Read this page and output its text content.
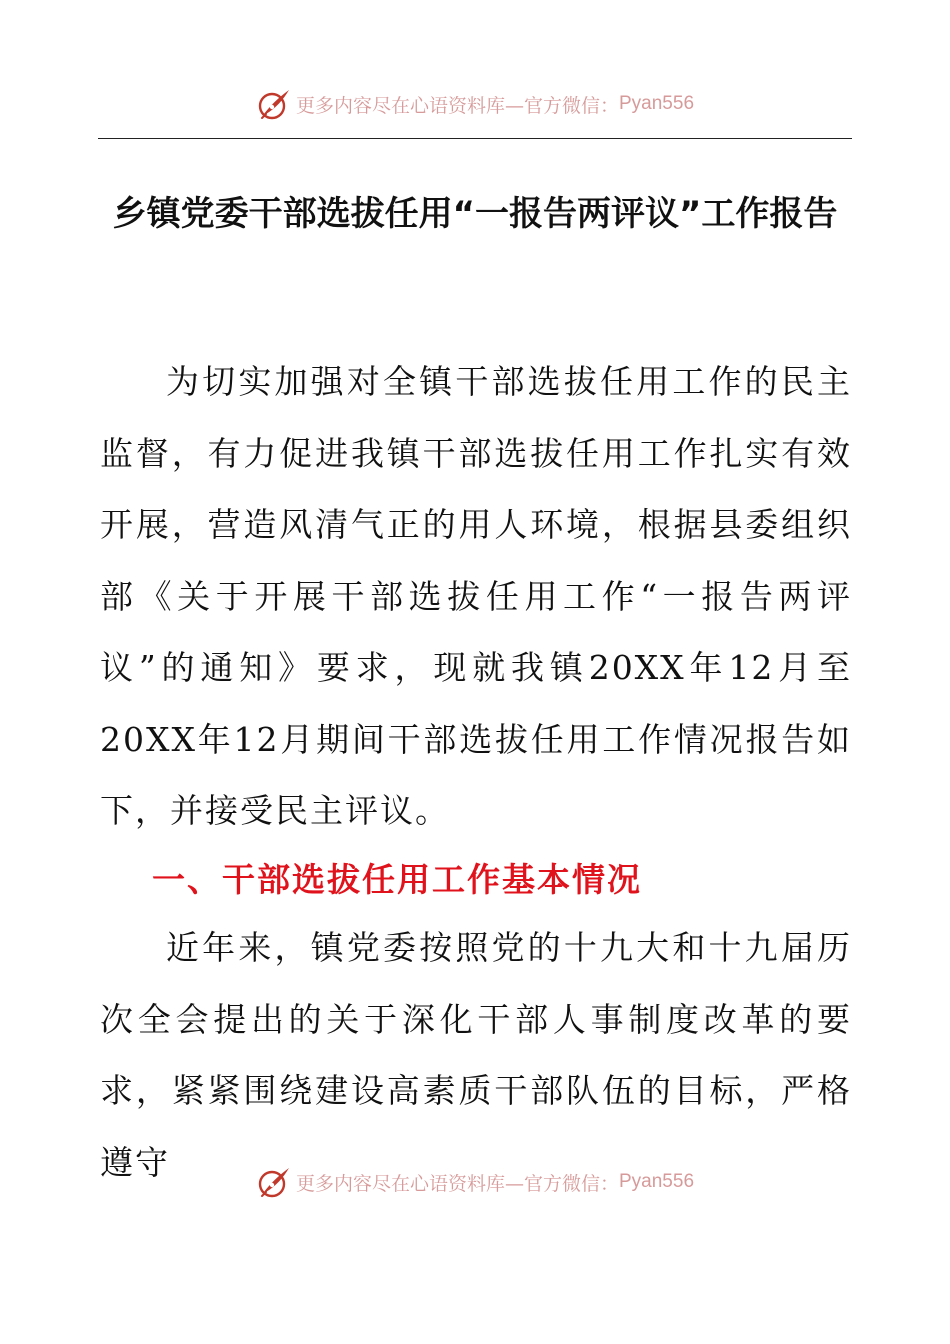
更多内容尽在心语资料库—官方微信： Pyan556
乡镇党委干部选拔任用“一报告两评议”工作报告

为切实加强对全镇干部选拔任用工作的民主监督，有力促进我镇干部选拔任用工作扎实有效开展，营造风清气正的用人环境，根据县委组织部《关于开展干部选拔任用工作“一报告两评议”的通知》要求，现就我镇20XX年12月至20XX年12月期间干部选拔任用工作情况报告如下，并接受民主评议。

一、干部选拔任用工作基本情况

近年来，镇党委按照党的十九大和十九届历次全会提出的关于深化干部人事制度改革的要求，紧紧围绕建设高素质干部队伍的目标，严格遵守

更多内容尽在心语资料库—官方微信： Pyan556
